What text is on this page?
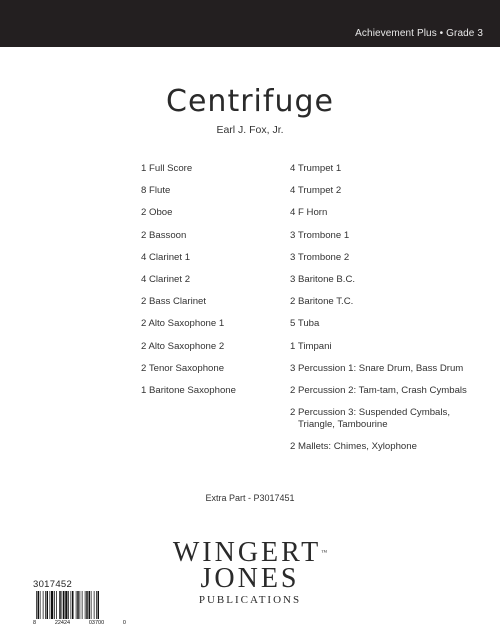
Achievement Plus • Grade 3
Centrifuge
Earl J. Fox, Jr.
1 Full Score
8 Flute
2 Oboe
2 Bassoon
4 Clarinet 1
4 Clarinet 2
2 Bass Clarinet
2 Alto Saxophone 1
2 Alto Saxophone 2
2 Tenor Saxophone
1 Baritone Saxophone
4 Trumpet 1
4 Trumpet 2
4 F Horn
3 Trombone 1
3 Trombone 2
3 Baritone B.C.
2 Baritone T.C.
5 Tuba
1 Timpani
3 Percussion 1: Snare Drum, Bass Drum
2 Percussion 2: Tam-tam, Crash Cymbals
2 Percussion 3: Suspended Cymbals,
Triangle, Tambourine
2 Mallets: Chimes, Xylophone
Extra Part - P3017451
WINGERT™
JONES
PUBLICATIONS
3017452
8	22424	03700	0
